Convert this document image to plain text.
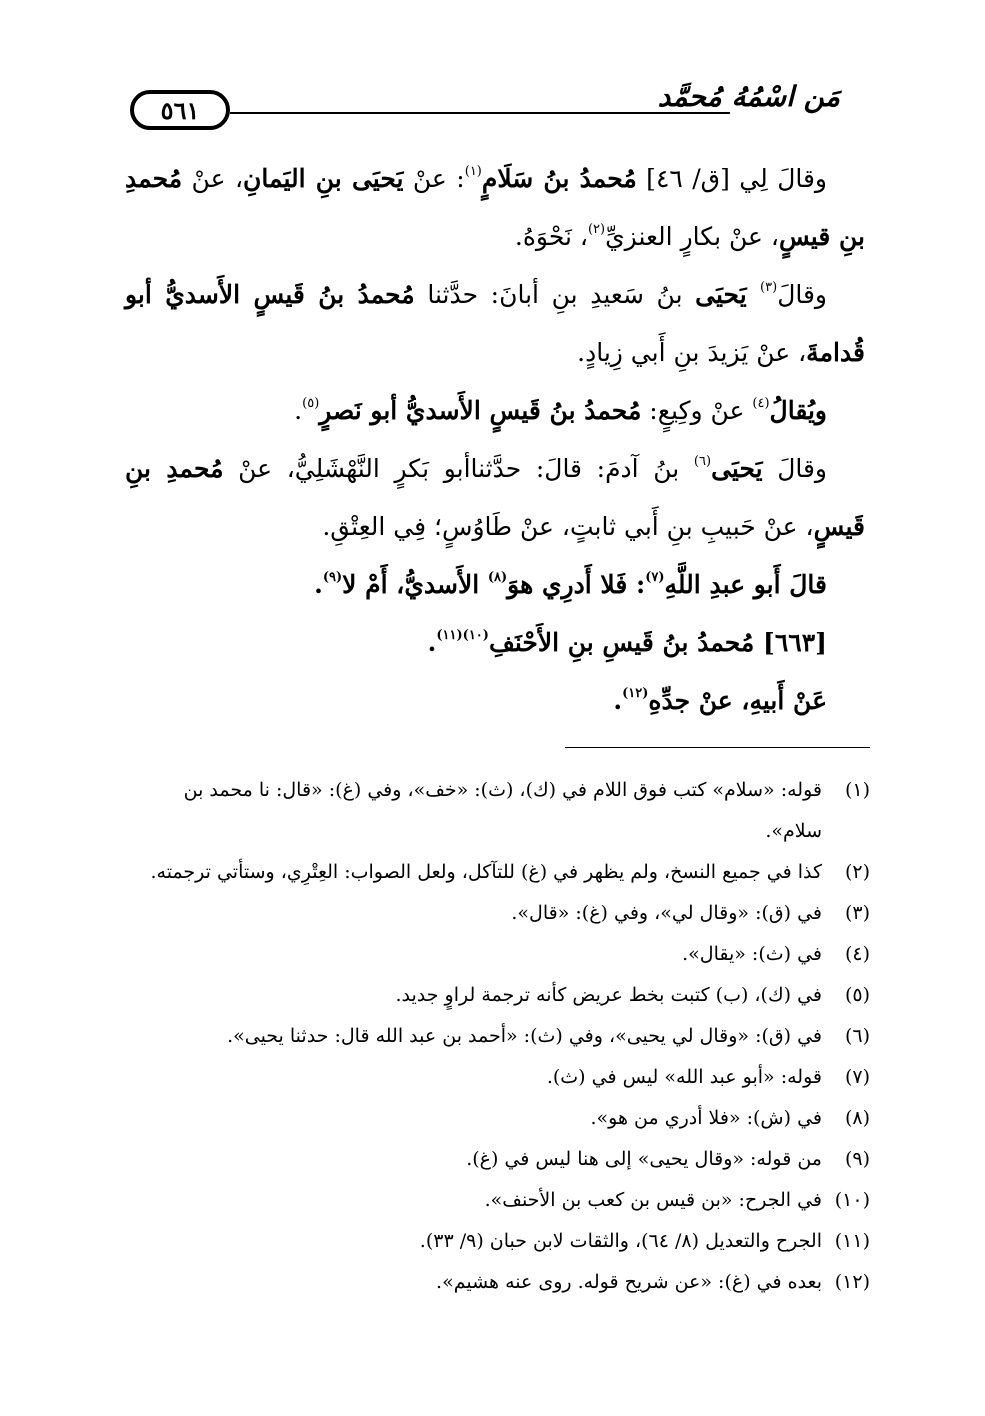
٥٦١	مَن اسْمُهُ مُحمَّد

وقالَ لِي [ق/ ٤٦] مُحمدُ بنُ سَلَامٍ$^{(١)}$: عنْ يَحيَى بنِ اليَمانِ، عنْ مُحمدِ بنِ قيسٍ، عنْ بكارٍ العنزيِّ$^{(٢)}$، نَحْوَهُ.

وقالَ$^{(٣)}$ يَحيَى بنُ سَعيدِ بنِ أبانَ: حدَّثنا مُحمدُ بنُ قَيسٍ الأَسديُّ أبو قُدامةَ، عنْ يَزيدَ بنِ أَبي زِيادٍ.

ويُقالُ$^{(٤)}$ عنْ وكِيعٍ: مُحمدُ بنُ قَيسٍ الأَسديُّ أبو نَصرٍ$^{(٥)}$.

وقالَ يَحيَى$^{(٦)}$ بنُ آدمَ: قالَ: حدَّثناأبو بَكرٍ النَّهْشَلِيُّ، عنْ مُحمدِ بنِ قَيسٍ، عنْ حَبيبِ بنِ أَبي ثابتٍ، عنْ طَاوُسٍ؛ فِي العِتْقِ.

قالَ أَبو عبدِ اللَّهِ$^{(٧)}$: فَلا أَدرِي هوَ$^{(٨)}$ الأَسديُّ، أَمْ لا$^{(٩)}$.

[٦٦٣] مُحمدُ بنُ قَيسِ بنِ الأَحْنَفِ$^{(١٠)(١١)}$.

عَنْ أَبيهِ، عنْ جدِّهِ$^{(١٢)}$.

(١)
قوله: «سلام» كتب فوق اللام في (ك)، (ث): «خف»، وفي (غ): «قال: نا محمد بن سلام».
(٢)
كذا في جميع النسخ، ولم يظهر في (غ) للتآكل، ولعل الصواب: العِتْرِي، وستأتي ترجمته.
(٣)
في (ق): «وقال لي»، وفي (غ): «قال».
(٤)
في (ث): «يقال».
(٥)
في (ك)، (ب) كتبت بخط عريض كأنه ترجمة لراوٍ جديد.
(٦)
في (ق): «وقال لي يحيى»، وفي (ث): «أحمد بن عبد الله قال: حدثنا يحيى».
(٧)
قوله: «أبو عبد الله» ليس في (ث).
(٨)
في (ش): «فلا أدري من هو».
(٩)
من قوله: «وقال يحيى» إلى هنا ليس في (غ).
(١٠)
في الجرح: «بن قيس بن كعب بن الأحنف».
(١١)
الجرح والتعديل (٨/ ٦٤)، والثقات لابن حبان (٩/ ٣٣).
(١٢)
بعده في (غ): «عن شريح قوله. روى عنه هشيم».
